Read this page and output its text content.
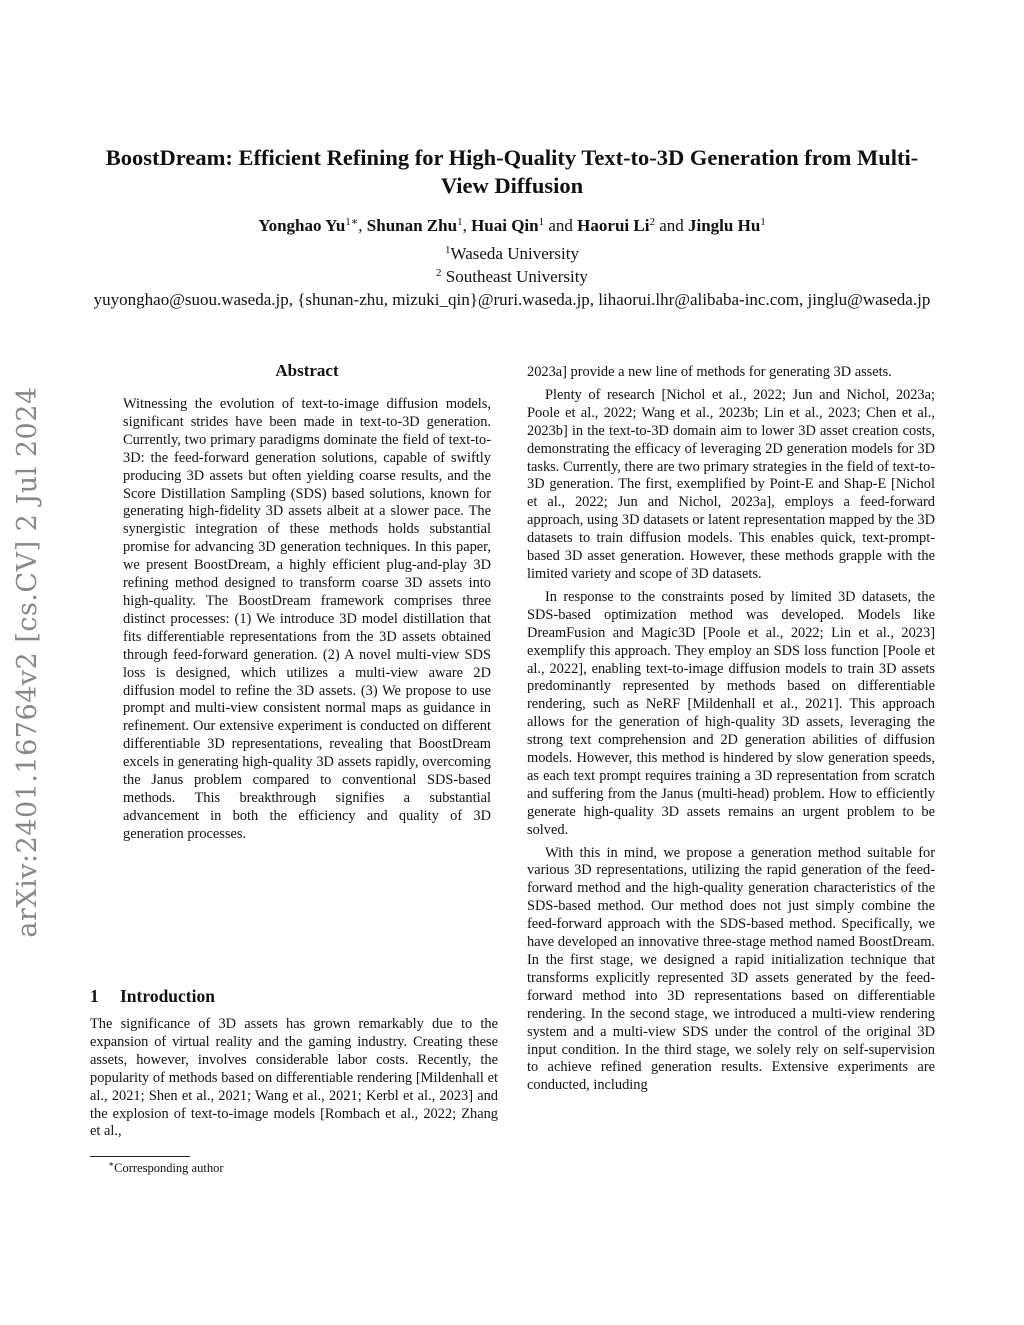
arXiv:2401.16764v2 [cs.CV] 2 Jul 2024
BoostDream: Efficient Refining for High-Quality Text-to-3D Generation from Multi-View Diffusion
Yonghao $Yu^{1∗}$, Shunan Zhu$^1$, Huai Qin$^1$ and Haorui Li$^2$ and Jinglu Hu$^1$
$^1$Waseda University
$^2$ Southeast University
yuyonghao@suou.waseda.jp, {shunan-zhu, mizuki_qin}@ruri.waseda.jp, lihaorui.lhr@alibaba-inc.com, jinglu@waseda.jp
Abstract
Witnessing the evolution of text-to-image diffusion models, significant strides have been made in text-to-3D generation. Currently, two primary paradigms dominate the field of text-to-3D: the feed-forward generation solutions, capable of swiftly producing 3D assets but often yielding coarse results, and the Score Distillation Sampling (SDS) based solutions, known for generating high-fidelity 3D assets albeit at a slower pace. The synergistic integration of these methods holds substantial promise for advancing 3D generation techniques. In this paper, we present BoostDream, a highly efficient plug-and-play 3D refining method designed to transform coarse 3D assets into high-quality. The BoostDream framework comprises three distinct processes: (1) We introduce 3D model distillation that fits differentiable representations from the 3D assets obtained through feed-forward generation. (2) A novel multi-view SDS loss is designed, which utilizes a multi-view aware 2D diffusion model to refine the 3D assets. (3) We propose to use prompt and multi-view consistent normal maps as guidance in refinement. Our extensive experiment is conducted on different differentiable 3D representations, revealing that BoostDream excels in generating high-quality 3D assets rapidly, overcoming the Janus problem compared to conventional SDS-based methods. This breakthrough signifies a substantial advancement in both the efficiency and quality of 3D generation processes.
1 Introduction
The significance of 3D assets has grown remarkably due to the expansion of virtual reality and the gaming industry. Creating these assets, however, involves considerable labor costs. Recently, the popularity of methods based on differentiable rendering [Mildenhall et al., 2021; Shen et al., 2021; Wang et al., 2021; Kerbl et al., 2023] and the explosion of text-to-image models [Rombach et al., 2022; Zhang et al.,
∗Corresponding author

2023a] provide a new line of methods for generating 3D assets.

Plenty of research [Nichol et al., 2022; Jun and Nichol, 2023a; Poole et al., 2022; Wang et al., 2023b; Lin et al., 2023; Chen et al., 2023b] in the text-to-3D domain aim to lower 3D asset creation costs, demonstrating the efficacy of leveraging 2D generation models for 3D tasks. Currently, there are two primary strategies in the field of text-to-3D generation. The first, exemplified by Point-E and Shap-E [Nichol et al., 2022; Jun and Nichol, 2023a], employs a feed-forward approach, using 3D datasets or latent representation mapped by the 3D datasets to train diffusion models. This enables quick, text-prompt-based 3D asset generation. However, these methods grapple with the limited variety and scope of 3D datasets.

In response to the constraints posed by limited 3D datasets, the SDS-based optimization method was developed. Models like DreamFusion and Magic3D [Poole et al., 2022; Lin et al., 2023] exemplify this approach. They employ an SDS loss function [Poole et al., 2022], enabling text-to-image diffusion models to train 3D assets predominantly represented by methods based on differentiable rendering, such as NeRF [Mildenhall et al., 2021]. This approach allows for the generation of high-quality 3D assets, leveraging the strong text comprehension and 2D generation abilities of diffusion models. However, this method is hindered by slow generation speeds, as each text prompt requires training a 3D representation from scratch and suffering from the Janus (multi-head) problem. How to efficiently generate high-quality 3D assets remains an urgent problem to be solved.

With this in mind, we propose a generation method suitable for various 3D representations, utilizing the rapid generation of the feed-forward method and the high-quality generation characteristics of the SDS-based method. Our method does not just simply combine the feed-forward approach with the SDS-based method. Specifically, we have developed an innovative three-stage method named BoostDream. In the first stage, we designed a rapid initialization technique that transforms explicitly represented 3D assets generated by the feed-forward method into 3D representations based on differentiable rendering. In the second stage, we introduced a multi-view rendering system and a multi-view SDS under the control of the original 3D input condition. In the third stage, we solely rely on self-supervision to achieve refined generation results. Extensive experiments are conducted, including
